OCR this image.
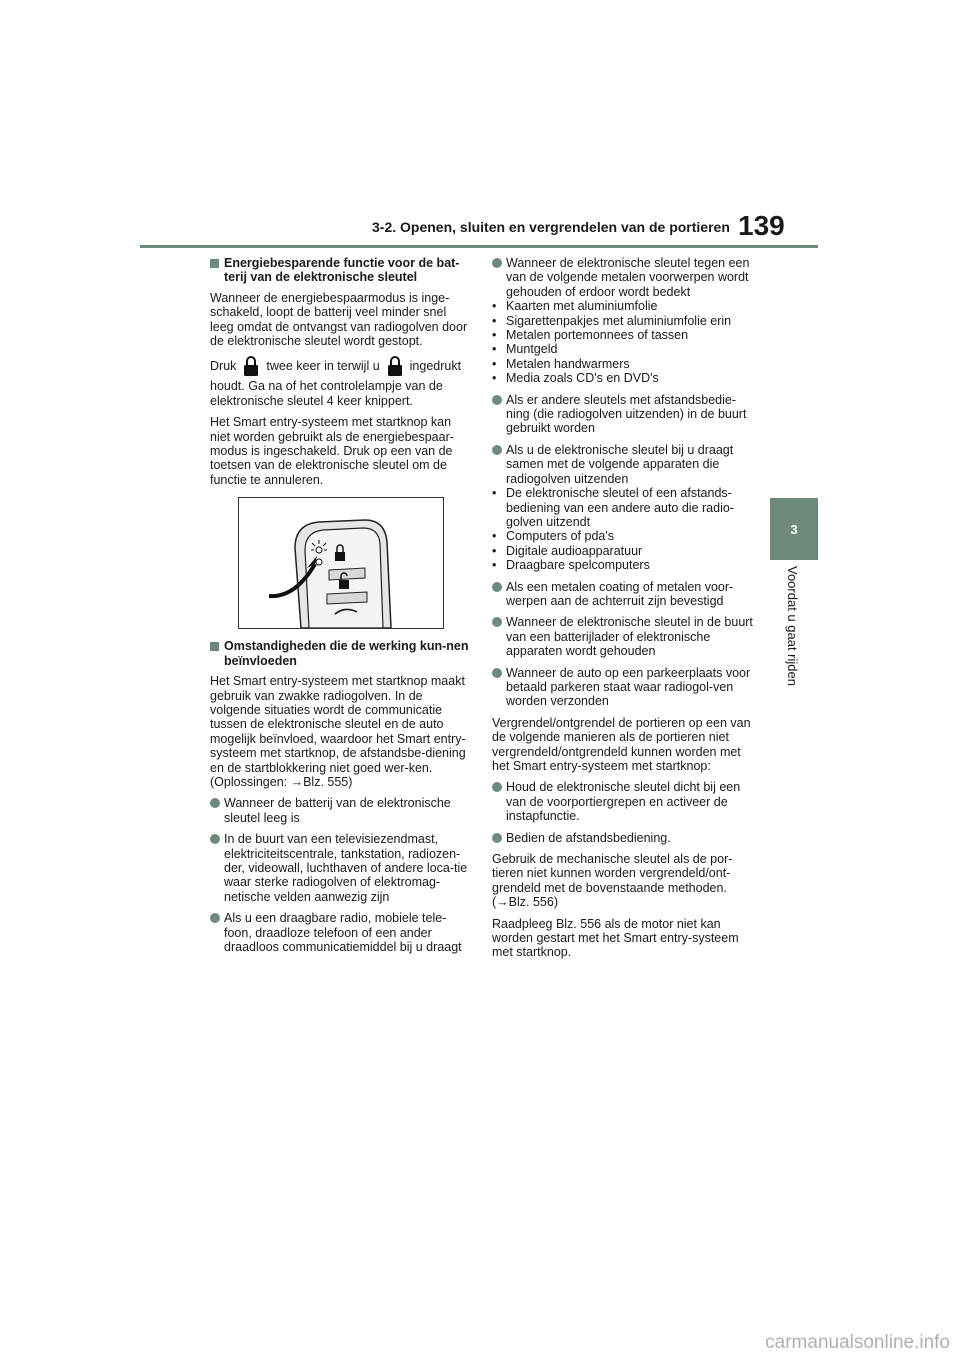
3-2. Openen, sluiten en vergrendelen van de portieren 139
3
Voordat u gaat rijden
Energiebesparende functie voor de bat-terij van de elektronische sleutel

Wanneer de energiebespaarmodus is inge-schakeld, loopt de batterij veel minder snel leeg omdat de ontvangst van radiogolven door de elektronische sleutel wordt gestopt.

Druk twee keer in terwijl u ingedrukt

houdt. Ga na of het controlelampje van de elektronische sleutel 4 keer knippert.

Het Smart entry-systeem met startknop kan niet worden gebruikt als de energiebespaar-modus is ingeschakeld. Druk op een van de toetsen van de elektronische sleutel om de functie te annuleren.

Omstandigheden die de werking kun-nen beïnvloeden

Het Smart entry-systeem met startknop maakt gebruik van zwakke radiogolven. In de volgende situaties wordt de communicatie tussen de elektronische sleutel en de auto mogelijk beïnvloed, waardoor het Smart entry-systeem met startknop, de afstandsbe-diening en de startblokkering niet goed wer-ken. (Oplossingen: →Blz. 555)

Wanneer de batterij van de elektronische sleutel leeg is
In de buurt van een televisiezendmast, elektriciteitscentrale, tankstation, radiozen-der, videowall, luchthaven of andere loca-tie waar sterke radiogolven of elektromag-netische velden aanwezig zijn
Als u een draagbare radio, mobiele tele-foon, draadloze telefoon of een ander draadloos communicatiemiddel bij u draagt
Wanneer de elektronische sleutel tegen een van de volgende metalen voorwerpen wordt gehouden of erdoor wordt bedekt
• Kaarten met aluminiumfolie
• Sigarettenpakjes met aluminiumfolie erin
• Metalen portemonnees of tassen
• Muntgeld
• Metalen handwarmers
• Media zoals CD's en DVD's
Als er andere sleutels met afstandsbedie-ning (die radiogolven uitzenden) in de buurt gebruikt worden
Als u de elektronische sleutel bij u draagt samen met de volgende apparaten die radiogolven uitzenden
• De elektronische sleutel of een afstands-bediening van een andere auto die radio-golven uitzendt
• Computers of pda's
• Digitale audioapparatuur
• Draagbare spelcomputers
Als een metalen coating of metalen voor-werpen aan de achterruit zijn bevestigd
Wanneer de elektronische sleutel in de buurt van een batterijlader of elektronische apparaten wordt gehouden
Wanneer de auto op een parkeerplaats voor betaald parkeren staat waar radiogol-ven worden verzonden

Vergrendel/ontgrendel de portieren op een van de volgende manieren als de portieren niet vergrendeld/ontgrendeld kunnen worden met het Smart entry-systeem met startknop:

Houd de elektronische sleutel dicht bij een van de voorportiergrepen en activeer de instapfunctie.
Bedien de afstandsbediening.

Gebruik de mechanische sleutel als de por-tieren niet kunnen worden vergrendeld/ont-grendeld met de bovenstaande methoden. (→Blz. 556)

Raadpleeg Blz. 556 als de motor niet kan worden gestart met het Smart entry-systeem met startknop.

carmanualsonline.info
